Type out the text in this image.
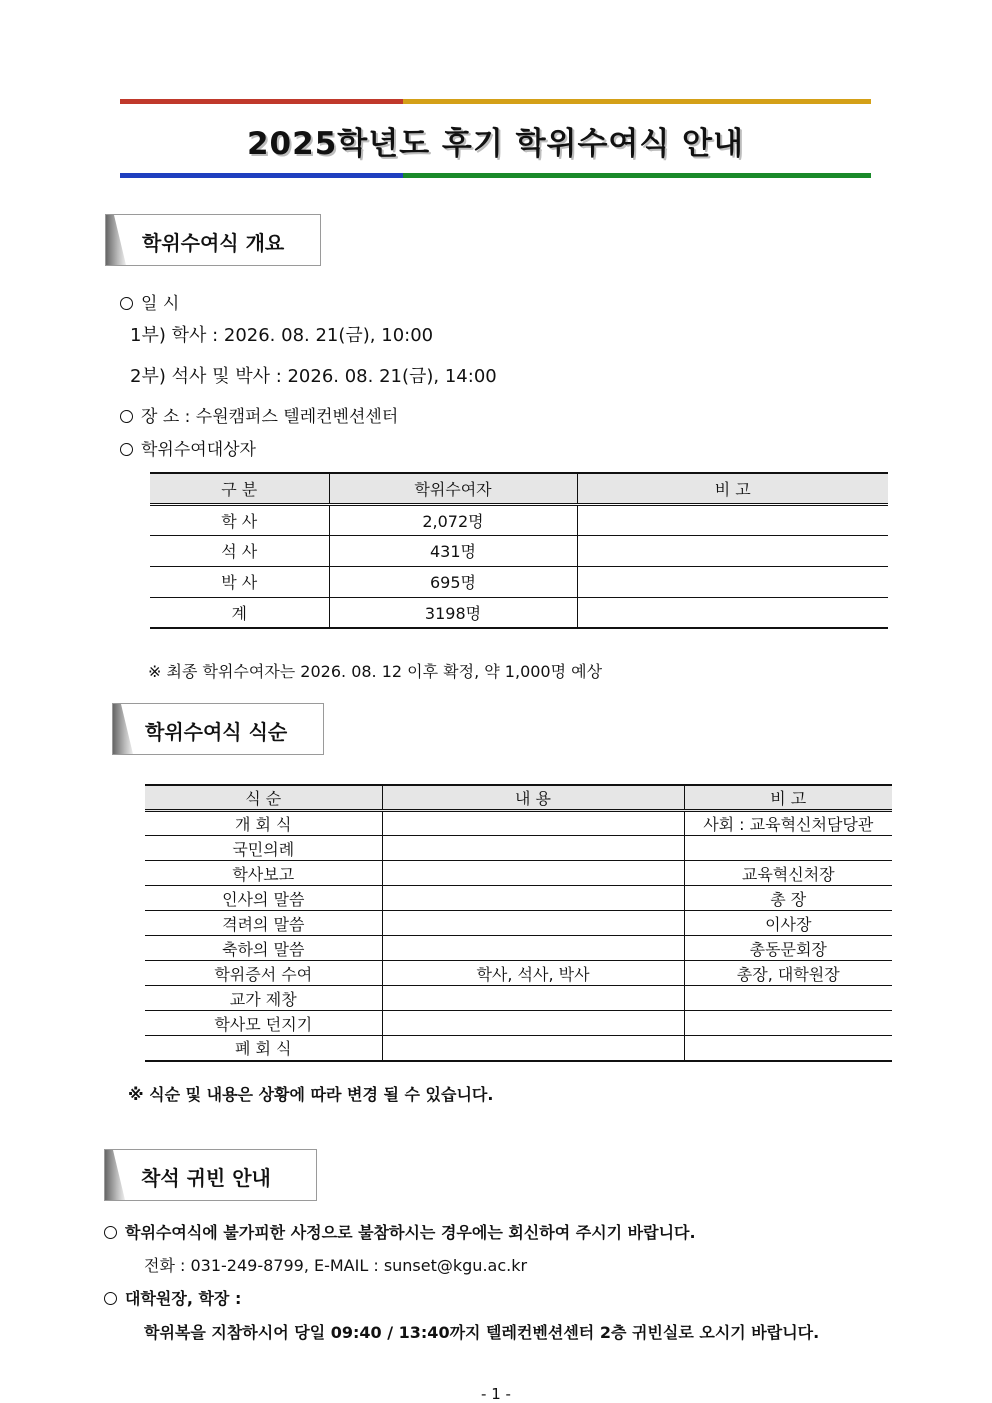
2025학년도 후기 학위수여식 안내
학위수여식 개요
일 시
1부) 학사 : 2026. 08. 21(금), 10:00
2부) 석사 및 박사 : 2026. 08. 21(금), 14:00
장 소 : 수원캠퍼스 텔레컨벤션센터
학위수여대상자
구 분	학위수여자	비 고
학 사	2,072명	
석 사	431명	
박 사	695명	
계	3198명	
※ 최종 학위수여자는 2026. 08. 12 이후 확정, 약 1,000명 예상
학위수여식 식순
식 순	내 용	비 고
개 회 식		사회 : 교육혁신처담당관
국민의례		
학사보고		교육혁신처장
인사의 말씀		총 장
격려의 말씀		이사장
축하의 말씀		총동문회장
학위증서 수여	학사, 석사, 박사	총장, 대학원장
교가 제창		
학사모 던지기		
폐 회 식		
※ 식순 및 내용은 상황에 따라 변경 될 수 있습니다.
착석 귀빈 안내
학위수여식에 불가피한 사정으로 불참하시는 경우에는 회신하여 주시기 바랍니다.
전화 : 031-249-8799, E-MAIL : sunset@kgu.ac.kr
대학원장, 학장 :
학위복을 지참하시어 당일 09:40 / 13:40까지 텔레컨벤션센터 2층 귀빈실로 오시기 바랍니다.
- 1 -
